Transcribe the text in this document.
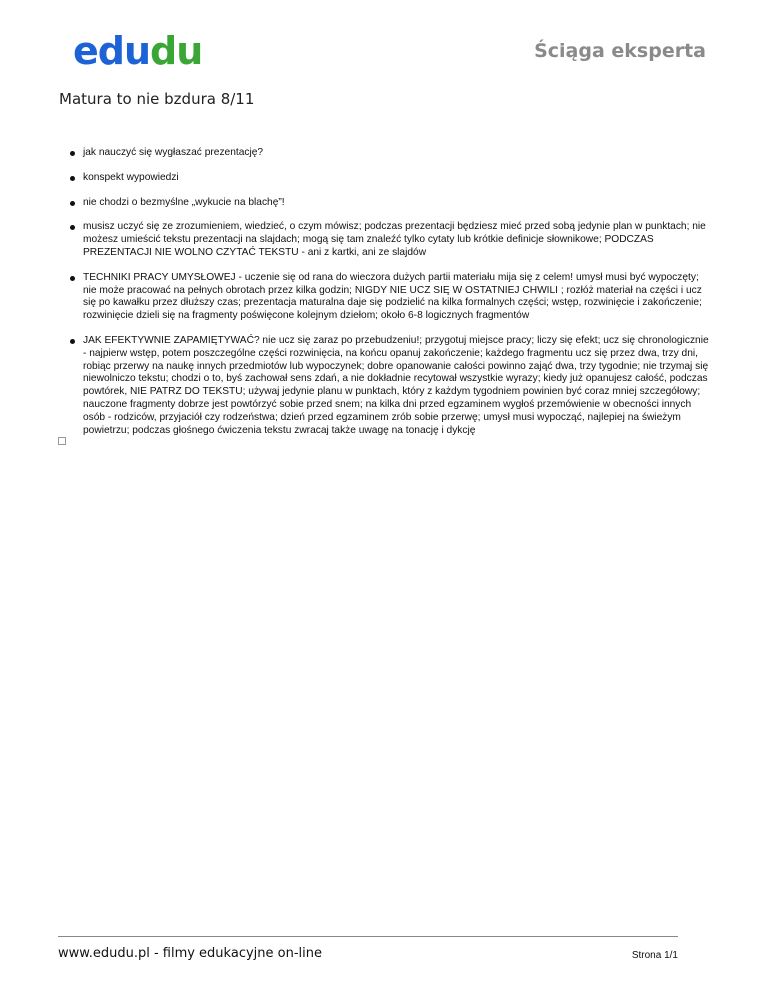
edu du	Ściąga eksperta
Matura to nie bzdura 8/11
jak nauczyć się wygłaszać prezentację?
konspekt wypowiedzi
nie chodzi o bezmyślne „wykucie na blachę”!
musisz uczyć się ze zrozumieniem, wiedzieć, o czym mówisz; podczas prezentacji będziesz mieć przed sobą jedynie plan w punktach; nie możesz umieścić tekstu prezentacji na slajdach; mogą się tam znaleźć tylko cytaty lub krótkie definicje słownikowe; PODCZAS PREZENTACJI NIE WOLNO CZYTAĆ TEKSTU - ani z kartki, ani ze slajdów
TECHNIKI PRACY UMYSŁOWEJ - uczenie się od rana do wieczora dużych partii materiału mija się z celem! umysł musi być wypoczęty; nie może pracować na pełnych obrotach przez kilka godzin; NIGDY NIE UCZ SIĘ W OSTATNIEJ CHWILI ; rozłóż materiał na części i ucz się po kawałku przez dłuższy czas; prezentacja maturalna daje się podzielić na kilka formalnych części; wstęp, rozwinięcie i zakończenie; rozwinięcie dzieli się na fragmenty poświęcone kolejnym dziełom; około 6-8 logicznych fragmentów
JAK EFEKTYWNIE ZAPAMIĘTYWAĆ? nie ucz się zaraz po przebudzeniu!; przygotuj miejsce pracy; liczy się efekt; ucz się chronologicznie - najpierw wstęp, potem poszczególne części rozwinięcia, na końcu opanuj zakończenie; każdego fragmentu ucz się przez dwa, trzy dni, robiąc przerwy na naukę innych przedmiotów lub wypoczynek; dobre opanowanie całości powinno zająć dwa, trzy tygodnie; nie trzymaj się niewolniczo tekstu; chodzi o to, byś zachował sens zdań, a nie dokładnie recytował wszystkie wyrazy; kiedy już opanujesz całość, podczas powtórek, NIE PATRZ DO TEKSTU; używaj jedynie planu w punktach, który z każdym tygodniem powinien być coraz mniej szczegółowy; nauczone fragmenty dobrze jest powtórzyć sobie przed snem; na kilka dni przed egzaminem wygłoś przemówienie w obecności innych osób - rodziców, przyjaciół czy rodzeństwa; dzień przed egzaminem zrób sobie przerwę; umysł musi wypocząć, najlepiej na świeżym powietrzu; podczas głośnego ćwiczenia tekstu zwracaj także uwagę na tonację i dykcję
www.edudu.pl - filmy edukacyjne on-line	Strona 1/1
